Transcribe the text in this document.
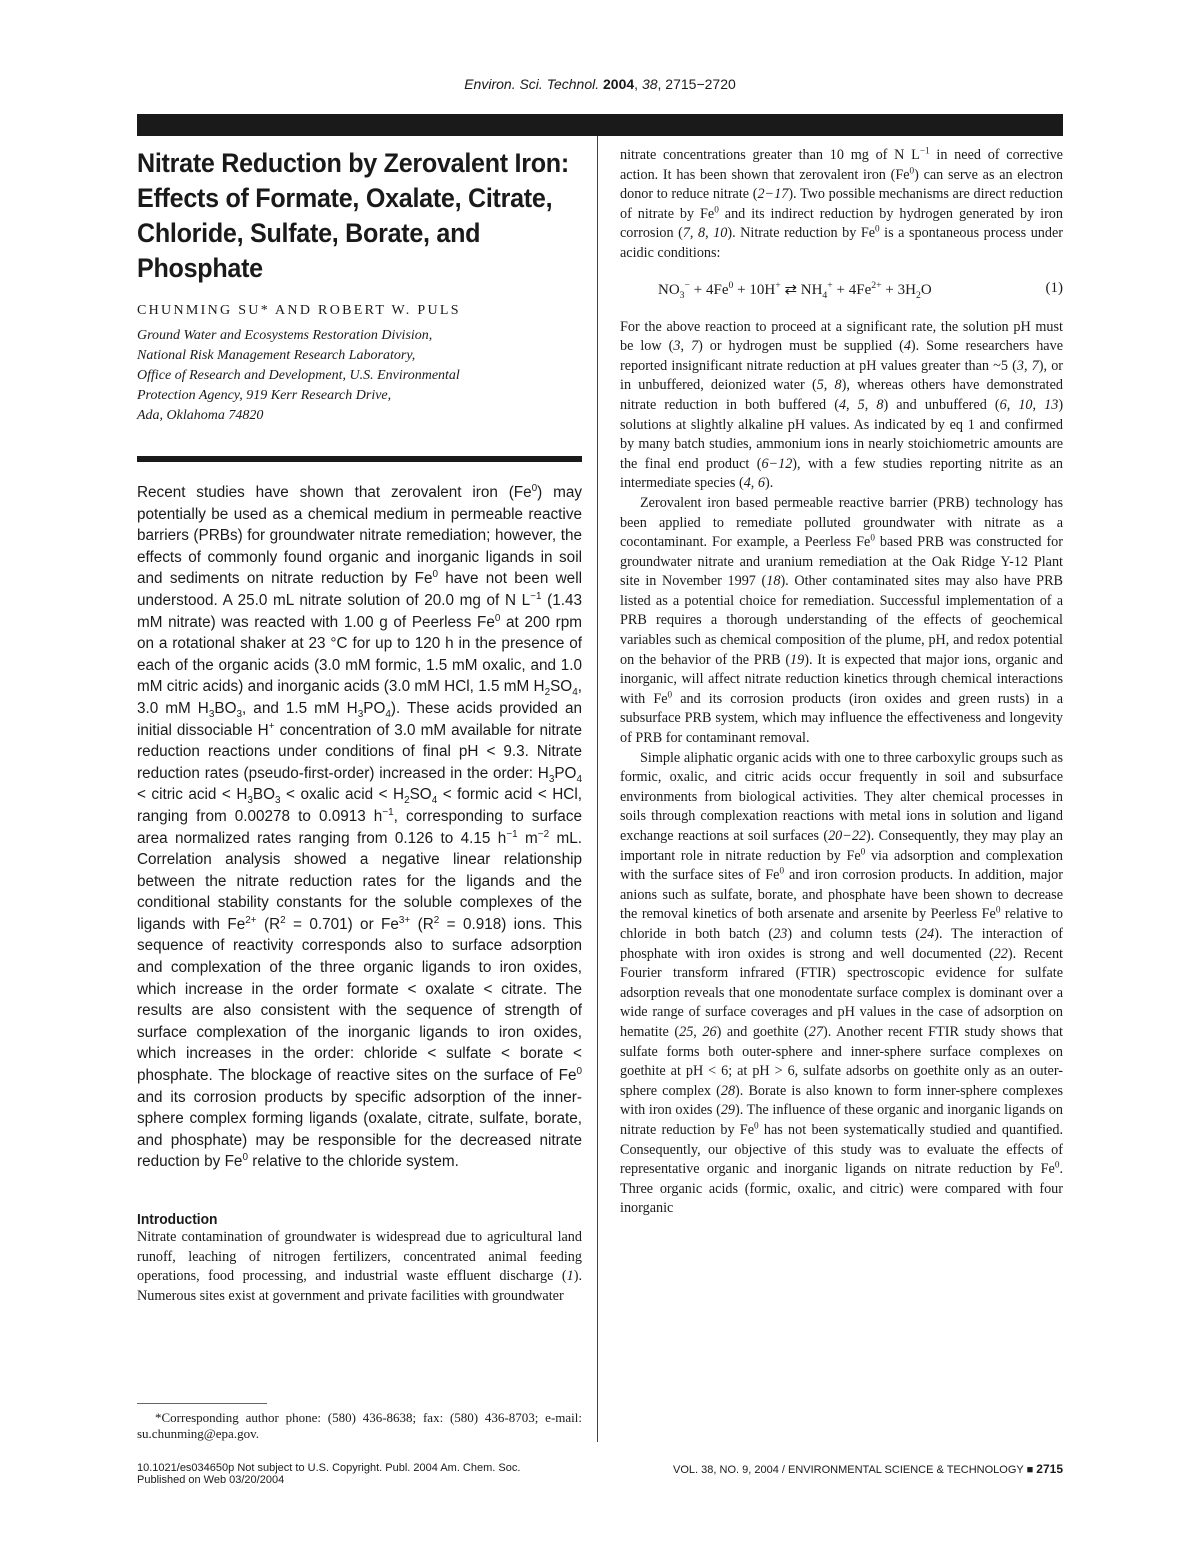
Environ. Sci. Technol. 2004, 38, 2715−2720
Nitrate Reduction by Zerovalent Iron: Effects of Formate, Oxalate, Citrate, Chloride, Sulfate, Borate, and Phosphate
CHUNMING SU* AND ROBERT W. PULS
Ground Water and Ecosystems Restoration Division,
National Risk Management Research Laboratory,
Office of Research and Development, U.S. Environmental
Protection Agency, 919 Kerr Research Drive,
Ada, Oklahoma 74820
Recent studies have shown that zerovalent iron (Fe$^0$) may potentially be used as a chemical medium in permeable reactive barriers (PRBs) for groundwater nitrate remediation; however, the effects of commonly found organic and inorganic ligands in soil and sediments on nitrate reduction by Fe$^0$ have not been well understood. A 25.0 mL nitrate solution of 20.0 mg of N $L^{-1}$ (1.43 mM nitrate) was reacted with 1.00 g of Peerless Fe$^0$ at 200 rpm on a rotational shaker at 23 °C for up to 120 h in the presence of each of the organic acids (3.0 mM formic, 1.5 mM oxalic, and 1.0 mM citric acids) and inorganic acids (3.0 mM HCl, 1.5 mM $H_2SO_4$, 3.0 mM $H_3BO_3$, and 1.5 mM $H_3PO_4$). These acids provided an initial dissociable H+ concentration of 3.0 mM available for nitrate reduction reactions under conditions of final pH < 9.3. Nitrate reduction rates (pseudo-first-order) increased in the order: $H_3PO_4$ < citric acid < $H_3BO_3$ < oxalic acid < $H_2SO_4$ < formic acid < HCl, ranging from 0.00278 to 0.0913 $h^{-1}$, corresponding to surface area normalized rates ranging from 0.126 to 4.15 $h^{-1}$ $m^{-2}$ mL. Correlation analysis showed a negative linear relationship between the nitrate reduction rates for the ligands and the conditional stability constants for the soluble complexes of the ligands with $Fe^{2+}$ $(R^2 = 0.701)$ or $Fe^{3+}$ $(R^2 = 0.918)$ ions. This sequence of reactivity corresponds also to surface adsorption and complexation of the three organic ligands to iron oxides, which increase in the order formate < oxalate < citrate. The results are also consistent with the sequence of strength of surface complexation of the inorganic ligands to iron oxides, which increases in the order: chloride < sulfate < borate < phosphate. The blockage of reactive sites on the surface of Fe$^0$ and its corrosion products by specific adsorption of the inner-sphere complex forming ligands (oxalate, citrate, sulfate, borate, and phosphate) may be responsible for the decreased nitrate reduction by Fe$^0$ relative to the chloride system.
Introduction

Nitrate contamination of groundwater is widespread due to agricultural land runoff, leaching of nitrogen fertilizers, concentrated animal feeding operations, food processing, and industrial waste effluent discharge (1). Numerous sites exist at government and private facilities with groundwater

nitrate concentrations greater than 10 mg of N $L^{-1}$ in need of corrective action. It has been shown that zerovalent iron (Fe$^0$) can serve as an electron donor to reduce nitrate (2−17). Two possible mechanisms are direct reduction of nitrate by Fe$^0$ and its indirect reduction by hydrogen generated by iron corrosion (7, 8, 10). Nitrate reduction by Fe$^0$ is a spontaneous process under acidic conditions:

$NO_3^- + 4Fe^0 + 10H^+$ ⇄ $NH_4^+ + 4Fe^{2+} + 3H_2O$	(1)

For the above reaction to proceed at a significant rate, the solution pH must be low (3, 7) or hydrogen must be supplied (4). Some researchers have reported insignificant nitrate reduction at pH values greater than ~5 (3, 7), or in unbuffered, deionized water (5, 8), whereas others have demonstrated nitrate reduction in both buffered (4, 5, 8) and unbuffered (6, 10, 13) solutions at slightly alkaline pH values. As indicated by eq 1 and confirmed by many batch studies, ammonium ions in nearly stoichiometric amounts are the final end product (6−12), with a few studies reporting nitrite as an intermediate species (4, 6).

Zerovalent iron based permeable reactive barrier (PRB) technology has been applied to remediate polluted groundwater with nitrate as a cocontaminant. For example, a Peerless Fe$^0$ based PRB was constructed for groundwater nitrate and uranium remediation at the Oak Ridge Y-12 Plant site in November 1997 (18). Other contaminated sites may also have PRB listed as a potential choice for remediation. Successful implementation of a PRB requires a thorough understanding of the effects of geochemical variables such as chemical composition of the plume, pH, and redox potential on the behavior of the PRB (19). It is expected that major ions, organic and inorganic, will affect nitrate reduction kinetics through chemical interactions with Fe$^0$ and its corrosion products (iron oxides and green rusts) in a subsurface PRB system, which may influence the effectiveness and longevity of PRB for contaminant removal.

Simple aliphatic organic acids with one to three carboxylic groups such as formic, oxalic, and citric acids occur frequently in soil and subsurface environments from biological activities. They alter chemical processes in soils through complexation reactions with metal ions in solution and ligand exchange reactions at soil surfaces (20−22). Consequently, they may play an important role in nitrate reduction by Fe$^0$ via adsorption and complexation with the surface sites of Fe$^0$ and iron corrosion products. In addition, major anions such as sulfate, borate, and phosphate have been shown to decrease the removal kinetics of both arsenate and arsenite by Peerless Fe$^0$ relative to chloride in both batch (23) and column tests (24). The interaction of phosphate with iron oxides is strong and well documented (22). Recent Fourier transform infrared (FTIR) spectroscopic evidence for sulfate adsorption reveals that one monodentate surface complex is dominant over a wide range of surface coverages and pH values in the case of adsorption on hematite (25, 26) and goethite (27). Another recent FTIR study shows that sulfate forms both outer-sphere and inner-sphere surface complexes on goethite at pH < 6; at pH > 6, sulfate adsorbs on goethite only as an outer-sphere complex (28). Borate is also known to form inner-sphere complexes with iron oxides (29). The influence of these organic and inorganic ligands on nitrate reduction by Fe$^0$ has not been systematically studied and quantified. Consequently, our objective of this study was to evaluate the effects of representative organic and inorganic ligands on nitrate reduction by Fe$^0$. Three organic acids (formic, oxalic, and citric) were compared with four inorganic

*Corresponding author phone: (580) 436-8638; fax: (580) 436-8703; e-mail: su.chunming@epa.gov.
10.1021/es034650p Not subject to U.S. Copyright. Publ. 2004 Am. Chem. Soc.
Published on Web 03/20/2004
VOL. 38, NO. 9, 2004 / ENVIRONMENTAL SCIENCE & TECHNOLOGY ■ 2715
